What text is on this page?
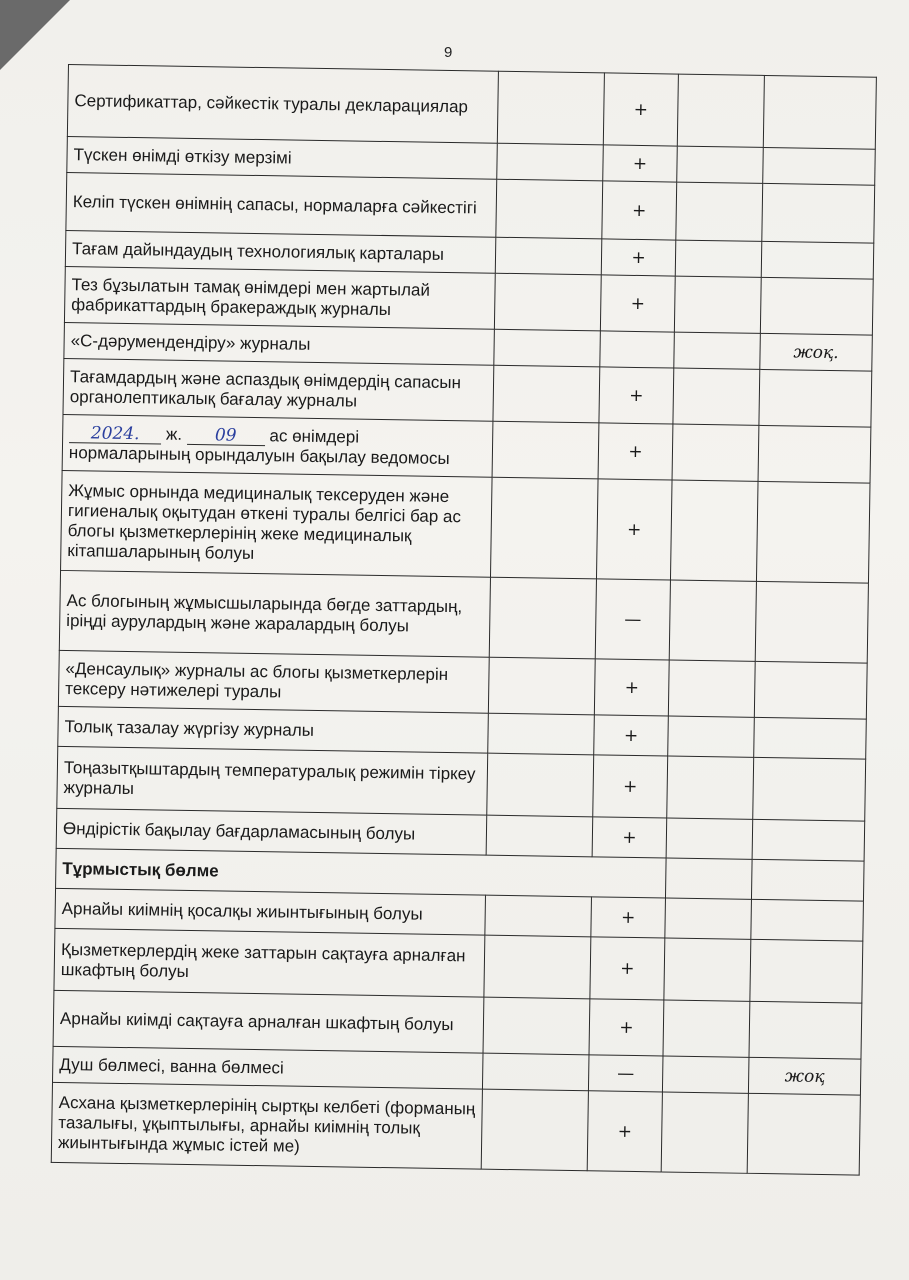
9
Сертификаттар, сәйкестік туралы декларациялар		+		
Түскен өнімді өткізу мерзімі		+		
Келіп түскен өнімнің сапасы, нормаларға сәйкестігі		+		
Тағам дайындаудың технологиялық карталары		+		
Тез бұзылатын тамақ өнімдері мен жартылай фабрикаттардың бракераждық журналы		+		
«С-дәрумендендіру» журналы				жоқ.
Тағамдардың және аспаздық өнімдердің сапасын органолептикалық бағалау журналы		+		
2024. ж. 09 ас өнімдері
нормаларының орындалуын бақылау ведомосы		+		
Жұмыс орнында медициналық тексеруден және гигиеналық оқытудан өткені туралы белгісі бар ас блогы қызметкерлерінің жеке медициналық кітапшаларының болуы		+		
Ас блогының жұмысшыларында бөгде заттардың, іріңді аурулардың және жаралардың болуы		—		
«Денсаулық» журналы ас блогы қызметкерлерін тексеру нәтижелері туралы		+		
Толық тазалау жүргізу журналы		+		
Тоңазытқыштардың температуралық режимін тіркеу журналы		+		
Өндірістік бақылау бағдарламасының болуы		+		
Тұрмыстық бөлме				
Арнайы киімнің қосалқы жиынтығының болуы		+		
Қызметкерлердің жеке заттарын сақтауға арналған шкафтың болуы		+		
Арнайы киімді сақтауға арналған шкафтың болуы		+		
Душ бөлмесі, ванна бөлмесі		—		жоқ
Асхана қызметкерлерінің сыртқы келбеті (форманың тазалығы, ұқыптылығы, арнайы киімнің толық жиынтығында жұмыс істей ме)		+		
